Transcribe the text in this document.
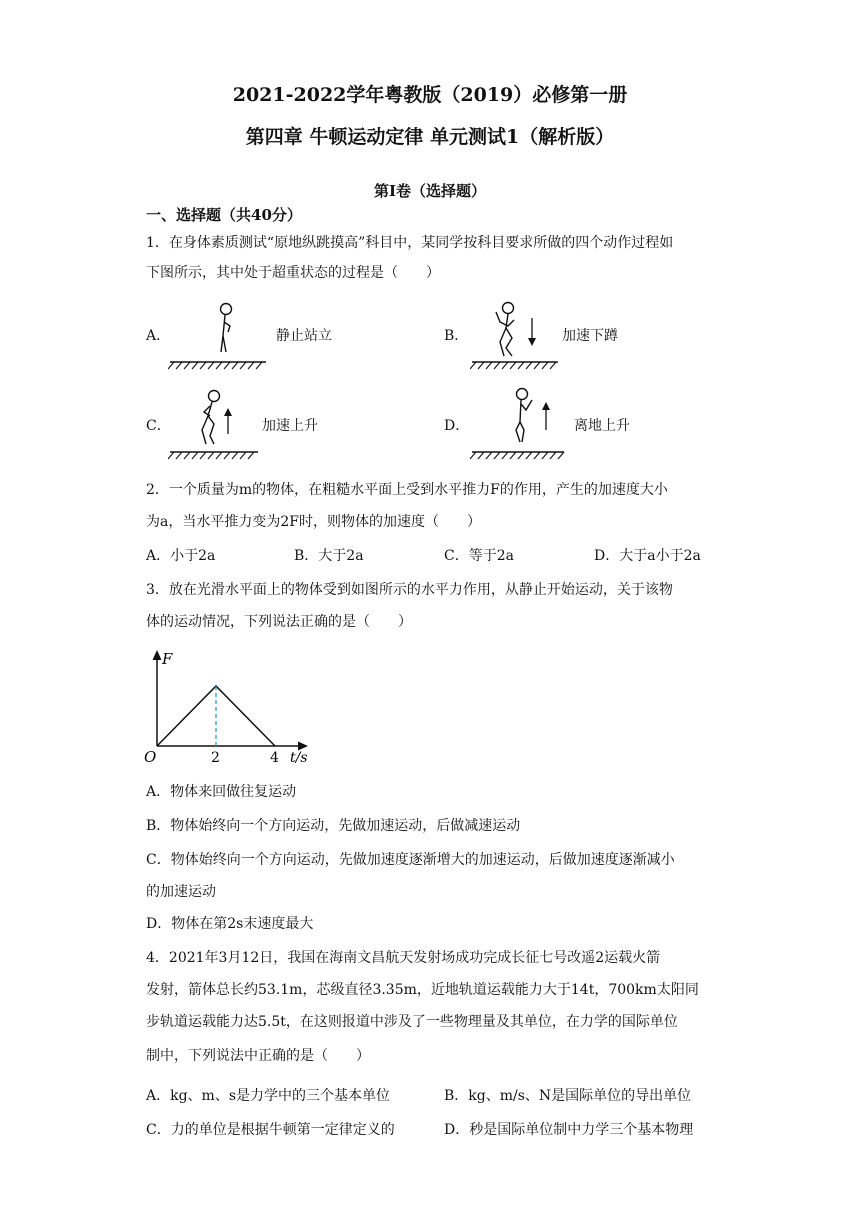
2021-2022学年粤教版（2019）必修第一册
第四章 牛顿运动定律 单元测试1（解析版）
第I卷（选择题）
一、选择题（共40分）
1．在身体素质测试“原地纵跳摸高”科目中，某同学按科目要求所做的四个动作过程如
下图所示，其中处于超重状态的过程是（　　）
A．	静止站立	B．	加速下蹲
C．	加速上升	D．	离地上升
2．一个质量为m的物体，在粗糙水平面上受到水平推力F的作用，产生的加速度大小
为a，当水平推力变为2F时，则物体的加速度（　　）
A．小于2a	B．大于2a	C．等于2a	D．大于a小于2a
3．放在光滑水平面上的物体受到如图所示的水平力作用，从静止开始运动，关于该物
体的运动情况，下列说法正确的是（　　）
F
O	2	4 t/s
A．物体来回做往复运动
B．物体始终向一个方向运动，先做加速运动，后做减速运动
C．物体始终向一个方向运动，先做加速度逐渐增大的加速运动，后做加速度逐渐减小
的加速运动
D．物体在第2s末速度最大
4．2021年3月12日，我国在海南文昌航天发射场成功完成长征七号改遥2运载火箭
发射，箭体总长约53.1m，芯级直径3.35m，近地轨道运载能力大于14t，700km太阳同
步轨道运载能力达5.5t，在这则报道中涉及了一些物理量及其单位，在力学的国际单位
制中，下列说法中正确的是（　　）
A．kg、m、s是力学中的三个基本单位	B．kg、m/s、N是国际单位的导出单位
C．力的单位是根据牛顿第一定律定义的	D．秒是国际单位制中力学三个基本物理
